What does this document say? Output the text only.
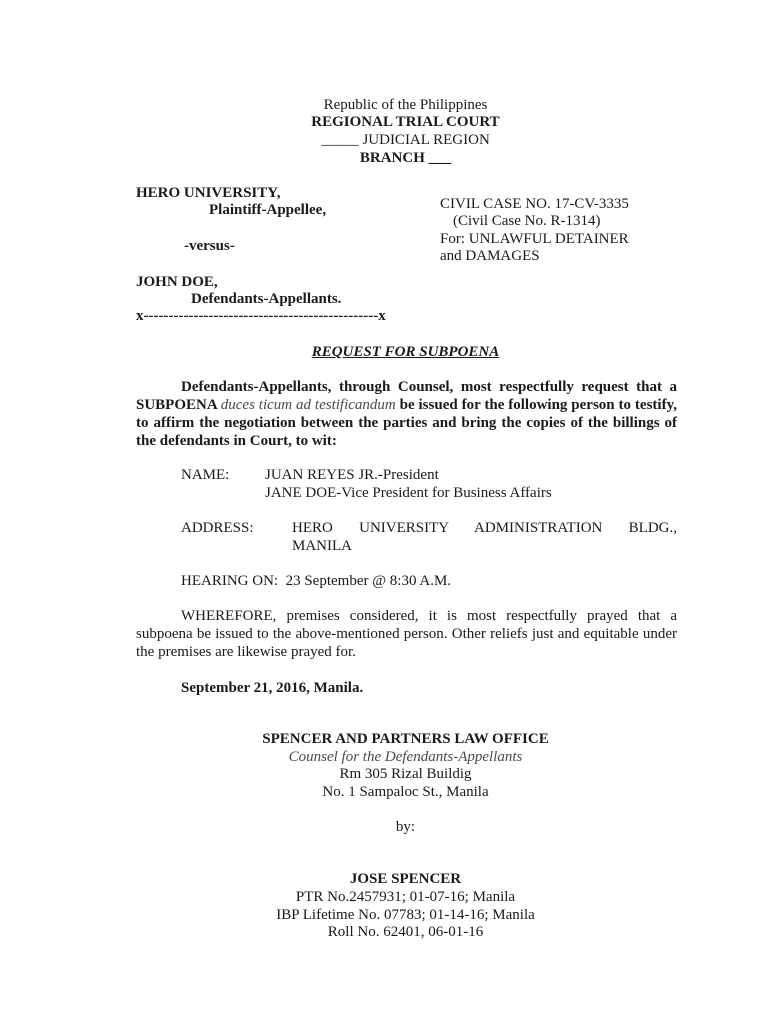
Republic of the Philippines
REGIONAL TRIAL COURT
_____ JUDICIAL REGION
BRANCH ___
HERO UNIVERSITY,
Plaintiff-Appellee,
-versus-
JOHN DOE,
Defendants-Appellants.
x-----------------------------------------------x
CIVIL CASE NO. 17-CV-3335
(Civil Case No. R-1314)
For: UNLAWFUL DETAINER
and DAMAGES
REQUEST FOR SUBPOENA
Defendants-Appellants, through Counsel, most respectfully request that a SUBPOENA duces ticum ad testificandum be issued for the following person to testify, to affirm the negotiation between the parties and bring the copies of the billings of the defendants in Court, to wit:
NAME: JUAN REYES JR.-President
JANE DOE-Vice President for Business Affairs
ADDRESS:	HERO UNIVERSITY ADMINISTRATION BLDG.,
MANILA
HEARING ON:  23 September @ 8:30 A.M.
WHEREFORE, premises considered, it is most respectfully prayed that a subpoena be issued to the above-mentioned person. Other reliefs just and equitable under the premises are likewise prayed for.
September 21, 2016, Manila.
SPENCER AND PARTNERS LAW OFFICE
Counsel for the Defendants-Appellants
Rm 305 Rizal Buildig
No. 1 Sampaloc St., Manila
by:
JOSE SPENCER
PTR No.2457931; 01-07-16; Manila
IBP Lifetime No. 07783; 01-14-16; Manila
Roll No. 62401, 06-01-16
